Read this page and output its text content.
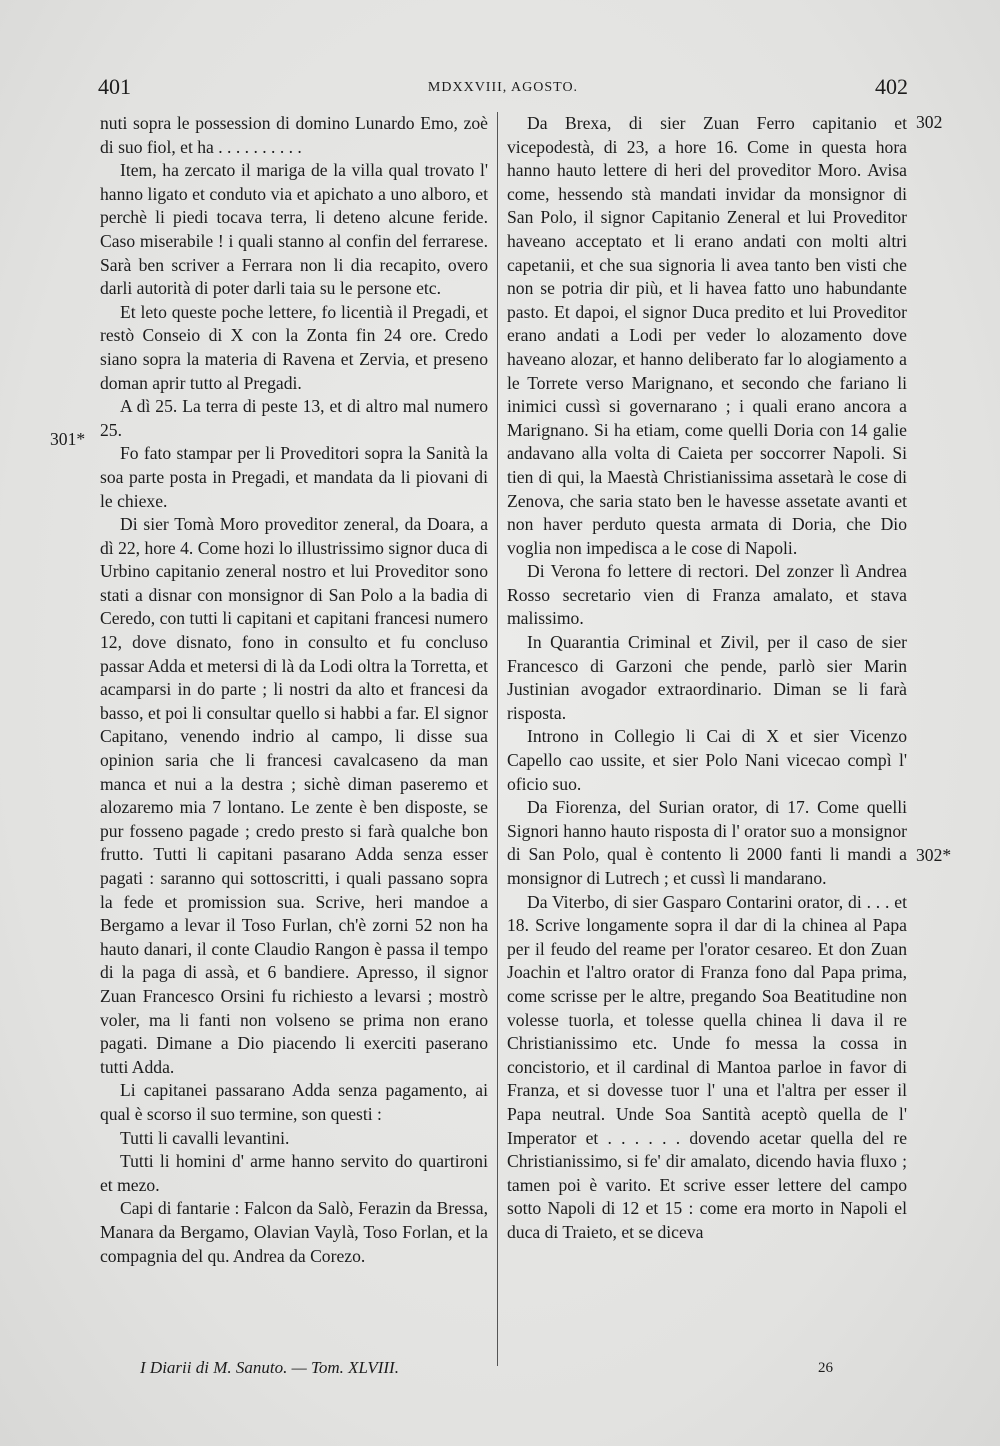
401	MDXXVIII, AGOSTO.	402
301*
302
302*

nuti sopra le possession di domino Lunardo Emo, zoè di suo fiol, et ha . . . . . . . . . .

Item, ha zercato il mariga de la villa qual trovato l' hanno ligato et conduto via et apichato a uno alboro, et perchè li piedi tocava terra, li deteno alcune feride. Caso miserabile ! i quali stanno al confin del ferrarese. Sarà ben scriver a Ferrara non li dia recapito, overo darli autorità di poter darli taia su le persone etc.

Et leto queste poche lettere, fo licentià il Pregadi, et restò Conseio di X con la Zonta fin 24 ore. Credo siano sopra la materia di Ravena et Zervia, et preseno doman aprir tutto al Pregadi.

A dì 25. La terra di peste 13, et di altro mal numero 25.

Fo fato stampar per li Proveditori sopra la Sanità la soa parte posta in Pregadi, et mandata da li piovani di le chiexe.

Di sier Tomà Moro proveditor zeneral, da Doara, a dì 22, hore 4. Come hozi lo illustrissimo signor duca di Urbino capitanio zeneral nostro et lui Proveditor sono stati a disnar con monsignor di San Polo a la badia di Ceredo, con tutti li capitani et capitani francesi numero 12, dove disnato, fono in consulto et fu concluso passar Adda et metersi di là da Lodi oltra la Torretta, et acamparsi in do parte ; li nostri da alto et francesi da basso, et poi li consultar quello si habbi a far. El signor Capitano, venendo indrio al campo, li disse sua opinion saria che li francesi cavalcaseno da man manca et nui a la destra ; sichè diman paseremo et alozaremo mia 7 lontano. Le zente è ben disposte, se pur fosseno pagade ; credo presto si farà qualche bon frutto. Tutti li capitani pasarano Adda senza esser pagati : saranno qui sottoscritti, i quali passano sopra la fede et promission sua. Scrive, heri mandoe a Bergamo a levar il Toso Furlan, ch'è zorni 52 non ha hauto danari, il conte Claudio Rangon è passa il tempo di la paga di assà, et 6 bandiere. Apresso, il signor Zuan Francesco Orsini fu richiesto a levarsi ; mostrò voler, ma li fanti non volseno se prima non erano pagati. Dimane a Dio piacendo li exerciti paserano tutti Adda.

Li capitanei passarano Adda senza pagamento, ai qual è scorso il suo termine, son questi :

Tutti li cavalli levantini.

Tutti li homini d' arme hanno servito do quartironi et mezo.

Capi di fantarie : Falcon da Salò, Ferazin da Bressa, Manara da Bergamo, Olavian Vaylà, Toso Forlan, et la compagnia del qu. Andrea da Corezo.

Da Brexa, di sier Zuan Ferro capitanio et vicepodestà, di 23, a hore 16. Come in questa hora hanno hauto lettere di heri del proveditor Moro. Avisa come, hessendo stà mandati invidar da monsignor di San Polo, il signor Capitanio Zeneral et lui Proveditor haveano acceptato et li erano andati con molti altri capetanii, et che sua signoria li avea tanto ben visti che non se potria dir più, et li havea fatto uno habundante pasto. Et dapoi, el signor Duca predito et lui Proveditor erano andati a Lodi per veder lo alozamento dove haveano alozar, et hanno deliberato far lo alogiamento a le Torrete verso Marignano, et secondo che fariano li inimici cussì si governarano ; i quali erano ancora a Marignano. Si ha etiam, come quelli Doria con 14 galie andavano alla volta di Caieta per soccorrer Napoli. Si tien di qui, la Maestà Christianissima assetarà le cose di Zenova, che saria stato ben le havesse assetate avanti et non haver perduto questa armata di Doria, che Dio voglia non impedisca a le cose di Napoli.

Di Verona fo lettere di rectori. Del zonzer lì Andrea Rosso secretario vien di Franza amalato, et stava malissimo.

In Quarantia Criminal et Zivil, per il caso de sier Francesco di Garzoni che pende, parlò sier Marin Justinian avogador extraordinario. Diman se li farà risposta.

Introno in Collegio li Cai di X et sier Vicenzo Capello cao ussite, et sier Polo Nani vicecao compì l' oficio suo.

Da Fiorenza, del Surian orator, di 17. Come quelli Signori hanno hauto risposta di l' orator suo a monsignor di San Polo, qual è contento li 2000 fanti li mandi a monsignor di Lutrech ; et cussì li mandarano.

Da Viterbo, di sier Gasparo Contarini orator, di . . . et 18. Scrive longamente sopra il dar di la chinea al Papa per il feudo del reame per l'orator cesareo. Et don Zuan Joachin et l'altro orator di Franza fono dal Papa prima, come scrisse per le altre, pregando Soa Beatitudine non volesse tuorla, et tolesse quella chinea li dava il re Christianissimo etc. Unde fo messa la cossa in concistorio, et il cardinal di Mantoa parloe in favor di Franza, et si dovesse tuor l' una et l'altra per esser il Papa neutral. Unde Soa Santità aceptò quella de l' Imperator et . . . . . . dovendo acetar quella del re Christianissimo, si fe' dir amalato, dicendo havia fluxo ; tamen poi è varito. Et scrive esser lettere del campo sotto Napoli di 12 et 15 : come era morto in Napoli el duca di Traieto, et se diceva

I Diarii di M. Sanuto. — Tom. XLVIII.	26
